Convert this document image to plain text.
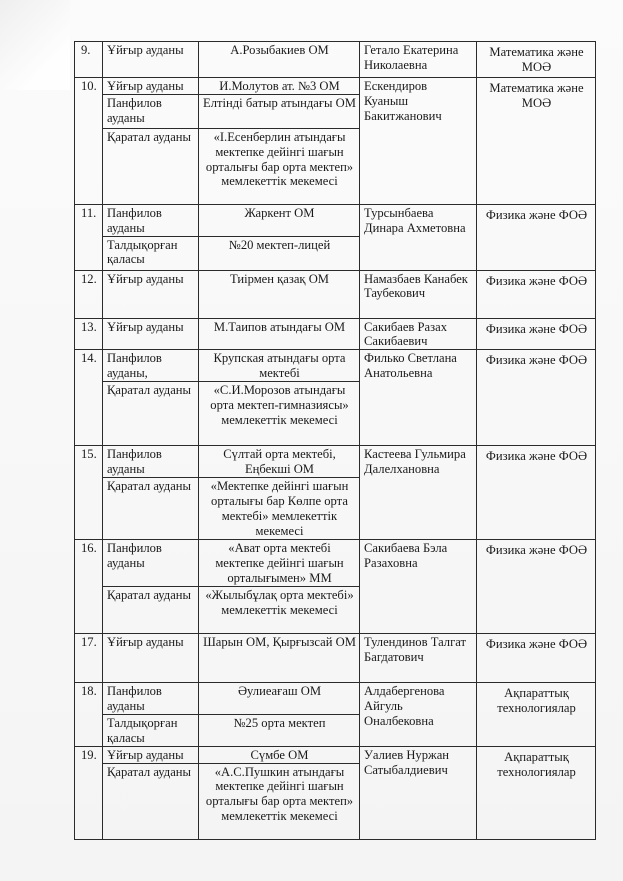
9.	Ұйғыр ауданы	А.Розыбакиев ОМ	Гетало Екатерина Николаевна	Математика және МОӘ
10.	Ұйғыр ауданы	И.Молутов ат. №3 ОМ	Ескендиров Куаныш Бакитжанович	Математика және МОӘ
	Панфилов ауданы	Елтінді батыр атындағы ОМ		
	Қаратал ауданы	«І.Есенберлин атындағы мектепке дейінгі шағын орталығы бар орта мектеп» мемлекеттік мекемесі		
11.	Панфилов ауданы	Жаркент ОМ	Турсынбаева Динара Ахметовна	Физика және ФОӘ
	Талдықорған қаласы	№20 мектеп-лицей		
12.	Ұйғыр ауданы	Тиірмен қазақ ОМ	Намазбаев Канабек Таубекович	Физика және ФОӘ
13.	Ұйғыр ауданы	М.Таипов атындағы ОМ	Сакибаев Разах Сакибаевич	Физика және ФОӘ
14.	Панфилов ауданы,	Крупская атындағы орта мектебі	Филько Светлана Анатольевна	Физика және ФОӘ
	Қаратал ауданы	«С.И.Морозов атындағы орта мектеп-гимназиясы» мемлекеттік мекемесі		
15.	Панфилов ауданы	Сүлтай орта мектебі, Еңбекші ОМ	Кастеева Гульмира Далелхановна	Физика және ФОӘ
	Қаратал ауданы	«Мектепке дейінгі шағын орталығы бар Көлпе орта мектебі» мемлекеттік мекемесі		
16.	Панфилов ауданы	«Ават орта мектебі мектепке дейінгі шағын орталығымен» ММ	Сакибаева Бэла Разаховна	Физика және ФОӘ
	Қаратал ауданы	«Жылыбұлақ орта мектебі» мемлекеттік мекемесі		
17.	Ұйғыр ауданы	Шарын ОМ, Қырғызсай ОМ	Тулендинов Талгат Багдатович	Физика және ФОӘ
18.	Панфилов ауданы	Әулиеағаш ОМ	Алдабергенова Айгуль Оналбековна	Ақпараттық технологиялар
	Талдықорған қаласы	№25 орта мектеп		
19.	Ұйғыр ауданы	Сүмбе ОМ	Уалиев Нуржан Сатыбалдиевич	Ақпараттық технологиялар
	Қаратал ауданы	«А.С.Пушкин атындағы мектепке дейінгі шағын орталығы бар орта мектеп» мемлекеттік мекемесі		
